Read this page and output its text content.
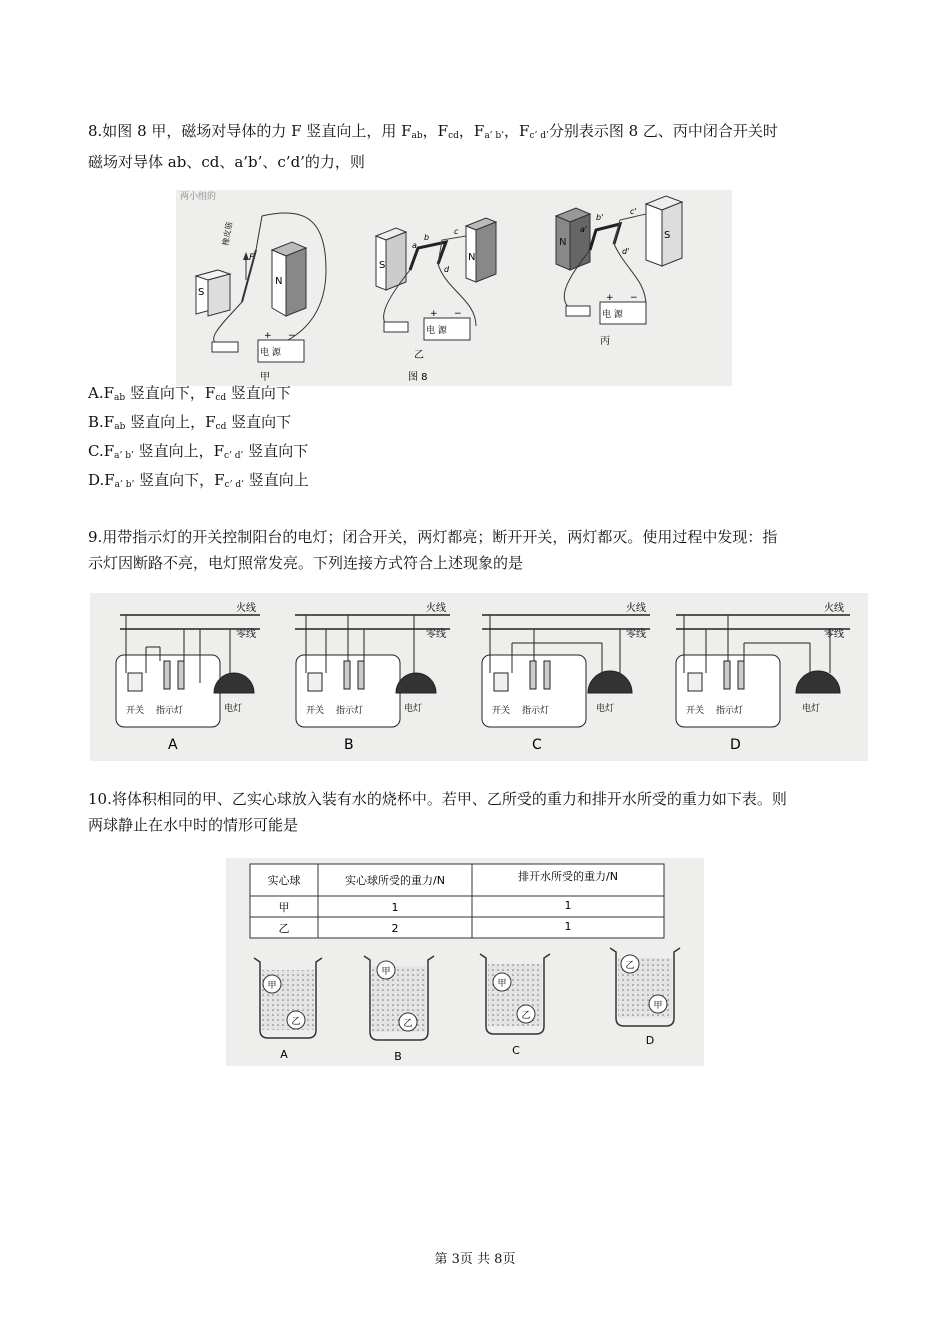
8.如图 8 甲，磁场对导体的力 F 竖直向上，用 $F_{ab}$，$F_{cd}$，$F_{a’ b’}$，$F_{c’ d’}$分别表示图 8 乙、丙中闭合开关时
磁场对导体 ab、cd、a’b’、c’d’的力，则
两小组的
S
N
橡皮筋
F
电 源
+ −
甲
S
N
a
b
c
d
电 源
+ −
乙
图 8
N
S
a'
b'
c'
d'
电 源
+ −
丙
$A.F_{ab}$ 竖直向下，$F_{cd}$ 竖直向下
$B.F_{ab}$ 竖直向上，$F_{cd}$ 竖直向下
$C.F_{a’ b’}$ 竖直向上，$F_{c’ d’}$ 竖直向下
$D.F_{a’ b’}$ 竖直向下，$F_{c’ d’}$ 竖直向上
9.用带指示灯的开关控制阳台的电灯；闭合开关，两灯都亮；断开开关，两灯都灭。使用过程中发现：指
示灯因断路不亮，电灯照常发亮。下列连接方式符合上述现象的是
火线
零线
开关 指示灯	电灯
A
火线
零线
开关 指示灯	电灯
B
火线
零线
开关 指示灯	电灯
C
火线
零线
开关 指示灯	电灯
D
10.将体积相同的甲、乙实心球放入装有水的烧杯中。若甲、乙所受的重力和排开水所受的重力如下表。则
两球静止在水中时的情形可能是
实心球	实心球所受的重力/N	排开水所受的重力/N
甲	1	1
乙	2	1
甲
乙
A
甲
乙
B
甲
乙
C
乙
甲
D
第 3页 共 8页
